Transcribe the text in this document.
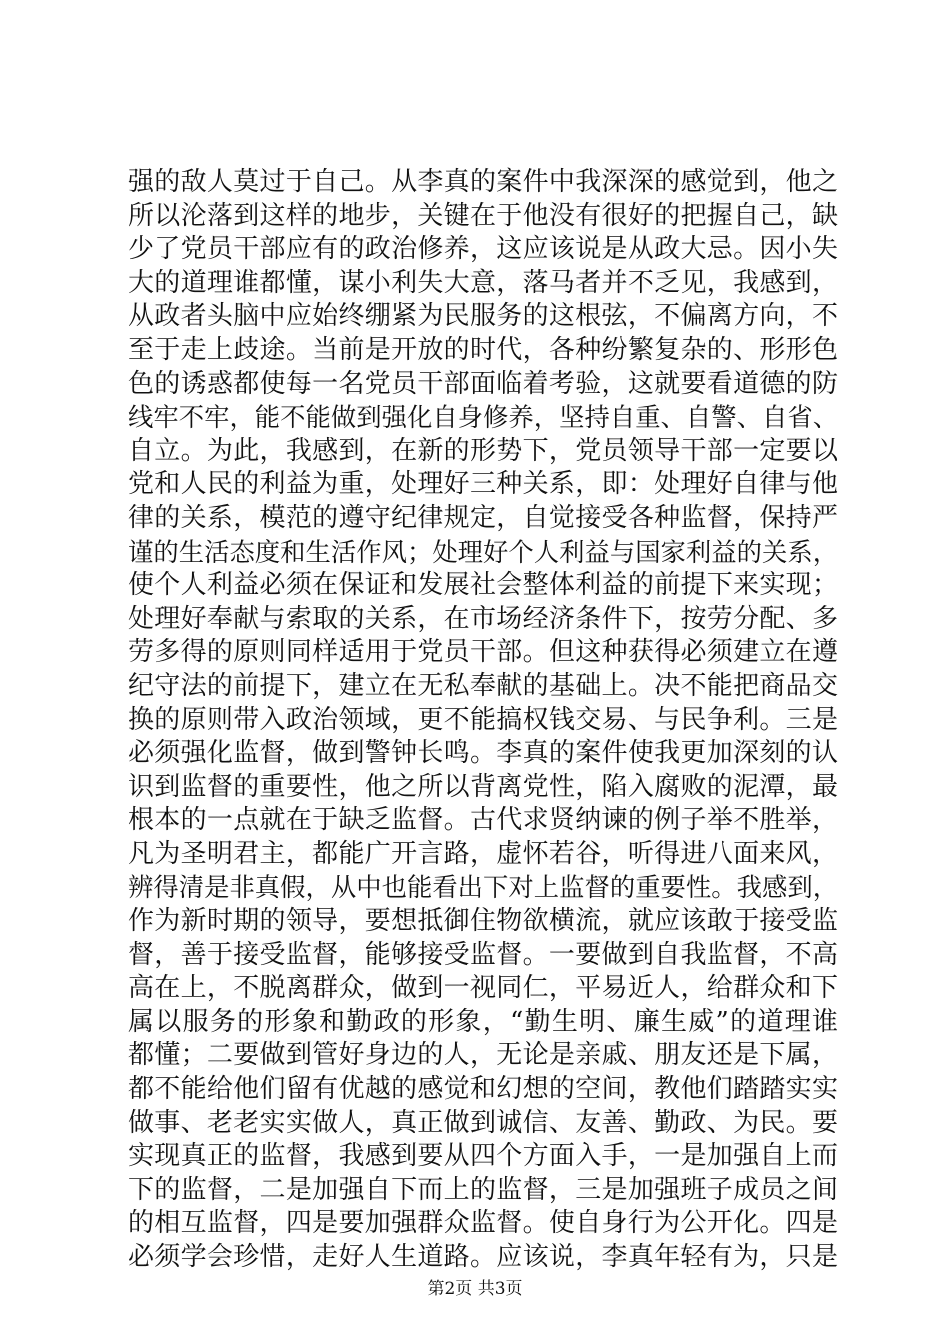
强的敌人莫过于自己。从李真的案件中我深深的感觉到，他之
所以沦落到这样的地步，关键在于他没有很好的把握自己，缺
少了党员干部应有的政治修养，这应该说是从政大忌。因小失
大的道理谁都懂，谋小利失大意，落马者并不乏见，我感到，
从政者头脑中应始终绷紧为民服务的这根弦，不偏离方向，不
至于走上歧途。当前是开放的时代，各种纷繁复杂的、形形色
色的诱惑都使每一名党员干部面临着考验，这就要看道德的防
线牢不牢，能不能做到强化自身修养，坚持自重、自警、自省、
自立。为此，我感到，在新的形势下，党员领导干部一定要以
党和人民的利益为重，处理好三种关系，即：处理好自律与他
律的关系，模范的遵守纪律规定，自觉接受各种监督，保持严
谨的生活态度和生活作风；处理好个人利益与国家利益的关系，
使个人利益必须在保证和发展社会整体利益的前提下来实现；
处理好奉献与索取的关系，在市场经济条件下，按劳分配、多
劳多得的原则同样适用于党员干部。但这种获得必须建立在遵
纪守法的前提下，建立在无私奉献的基础上。决不能把商品交
换的原则带入政治领域，更不能搞权钱交易、与民争利。三是
必须强化监督，做到警钟长鸣。李真的案件使我更加深刻的认
识到监督的重要性，他之所以背离党性，陷入腐败的泥潭，最
根本的一点就在于缺乏监督。古代求贤纳谏的例子举不胜举，
凡为圣明君主，都能广开言路，虚怀若谷，听得进八面来风，
辨得清是非真假，从中也能看出下对上监督的重要性。我感到，
作为新时期的领导，要想抵御住物欲横流，就应该敢于接受监
督，善于接受监督，能够接受监督。一要做到自我监督，不高
高在上，不脱离群众，做到一视同仁，平易近人，给群众和下
属以服务的形象和勤政的形象，“勤生明、廉生威”的道理谁
都懂；二要做到管好身边的人，无论是亲戚、朋友还是下属，
都不能给他们留有优越的感觉和幻想的空间，教他们踏踏实实
做事、老老实实做人，真正做到诚信、友善、勤政、为民。要
实现真正的监督，我感到要从四个方面入手，一是加强自上而
下的监督，二是加强自下而上的监督，三是加强班子成员之间
的相互监督，四是要加强群众监督。使自身行为公开化。四是
必须学会珍惜，走好人生道路。应该说，李真年轻有为，只是
第2页 共3页
